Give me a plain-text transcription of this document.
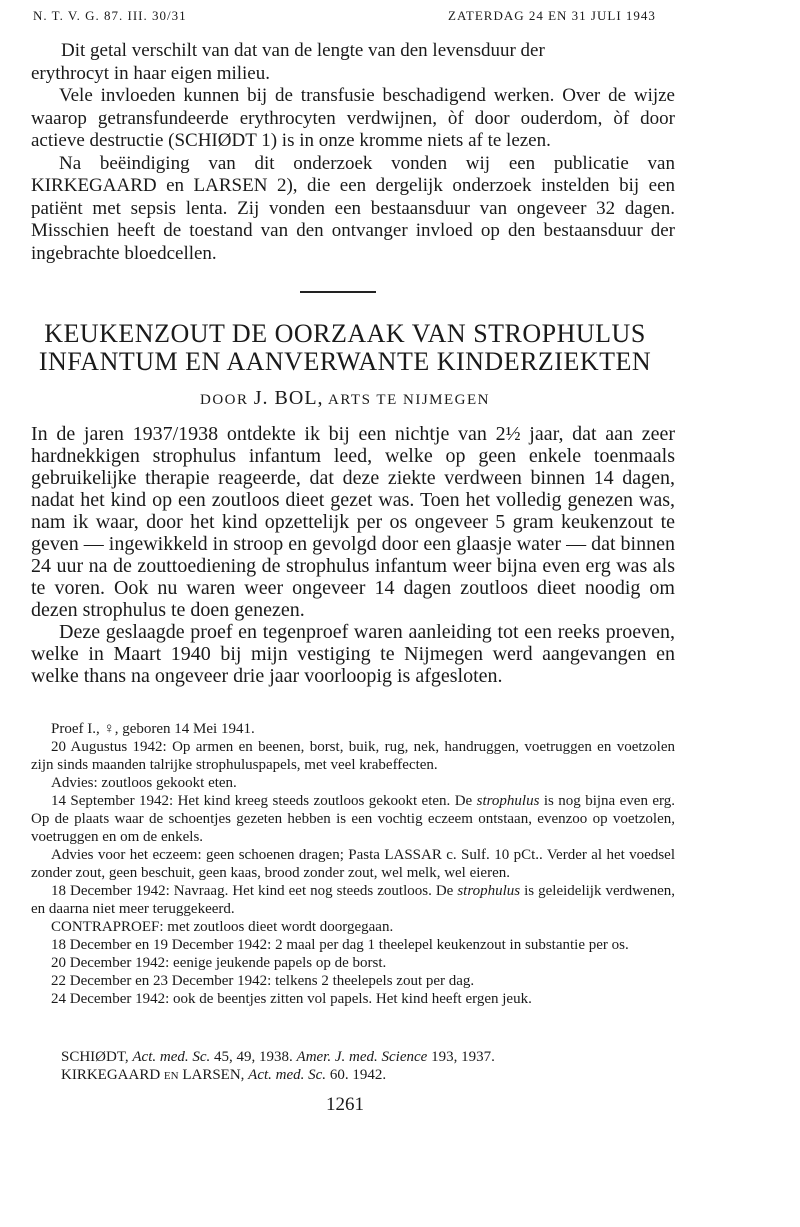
N. T. V. G. 87. III. 30/31	ZATERDAG 24 EN 31 JULI 1943
Dit getal verschilt van dat van de lengte van den levensduur der
erythrocyt in haar eigen milieu.

Vele invloeden kunnen bij de transfusie beschadigend werken. Over de wijze waarop getransfundeerde erythrocyten verdwijnen, òf door ouderdom, òf door actieve destructie (SCHIØDT 1) is in onze kromme niets af te lezen.

Na beëindiging van dit onderzoek vonden wij een publicatie van KIRKEGAARD en LARSEN 2), die een dergelijk onderzoek instelden bij een patiënt met sepsis lenta. Zij vonden een bestaansduur van ongeveer 32 dagen. Misschien heeft de toestand van den ontvanger invloed op den bestaansduur der ingebrachte bloedcellen.

KEUKENZOUT DE OORZAAK VAN STROPHULUS
INFANTUM EN AANVERWANTE KINDERZIEKTEN
DOOR J. BOL, ARTS TE NIJMEGEN

In de jaren 1937/1938 ontdekte ik bij een nichtje van 2½ jaar, dat aan zeer hardnekkigen strophulus infantum leed, welke op geen enkele toenmaals gebruikelijke therapie reageerde, dat deze ziekte verdween binnen 14 dagen, nadat het kind op een zoutloos dieet gezet was. Toen het volledig genezen was, nam ik waar, door het kind opzettelijk per os ongeveer 5 gram keukenzout te geven — ingewikkeld in stroop en gevolgd door een glaasje water — dat binnen 24 uur na de zouttoediening de strophulus infantum weer bijna even erg was als te voren. Ook nu waren weer ongeveer 14 dagen zoutloos dieet noodig om dezen strophulus te doen genezen.

Deze geslaagde proef en tegenproef waren aanleiding tot een reeks proeven, welke in Maart 1940 bij mijn vestiging te Nijmegen werd aangevangen en welke thans na ongeveer drie jaar voorloopig is afgesloten.

Proef I., ♀, geboren 14 Mei 1941.

20 Augustus 1942: Op armen en beenen, borst, buik, rug, nek, handruggen, voetruggen en voetzolen zijn sinds maanden talrijke strophuluspapels, met veel krabeffecten.

Advies: zoutloos gekookt eten.

14 September 1942: Het kind kreeg steeds zoutloos gekookt eten. De strophulus is nog bijna even erg. Op de plaats waar de schoentjes gezeten hebben is een vochtig eczeem ontstaan, evenzoo op voetzolen, voetruggen en om de enkels.

Advies voor het eczeem: geen schoenen dragen; Pasta LASSAR c. Sulf. 10 pCt.. Verder al het voedsel zonder zout, geen beschuit, geen kaas, brood zonder zout, wel melk, wel eieren.

18 December 1942: Navraag. Het kind eet nog steeds zoutloos. De strophulus is geleidelijk verdwenen, en daarna niet meer teruggekeerd.

CONTRAPROEF: met zoutloos dieet wordt doorgegaan.

18 December en 19 December 1942: 2 maal per dag 1 theelepel keukenzout in substantie per os.

20 December 1942: eenige jeukende papels op de borst.

22 December en 23 December 1942: telkens 2 theelepels zout per dag.

24 December 1942: ook de beentjes zitten vol papels. Het kind heeft ergen jeuk.

SCHIØDT, Act. med. Sc. 45, 49, 1938. Amer. J. med. Science 193, 1937.
KIRKEGAARD en LARSEN, Act. med. Sc. 60. 1942.
1261
